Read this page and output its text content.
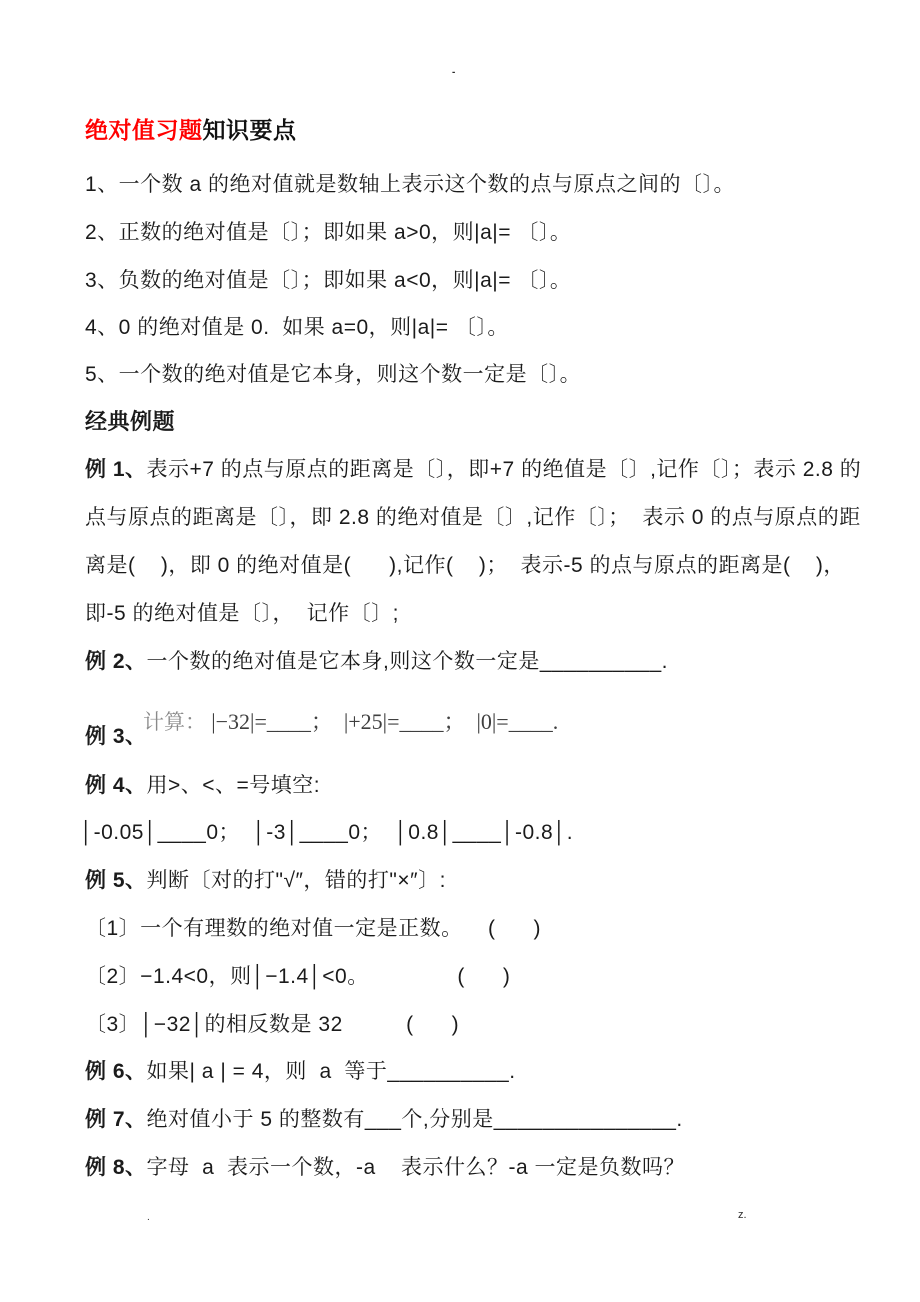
-

绝对值习题知识要点

1、一个数 a 的绝对值就是数轴上表示这个数的点与原点之间的〔〕。

2、正数的绝对值是〔〕；即如果 a>0，则|a|= 〔〕。

3、负数的绝对值是〔〕；即如果 a<0，则|a|= 〔〕。

4、0 的绝对值是 0.  如果 a=0，则|a|= 〔〕。

5、一个数的绝对值是它本身，则这个数一定是〔〕。

经典例题

例 1、表示+7 的点与原点的距离是〔〕，即+7 的绝值是〔〕,记作〔〕；表示 2.8 的

点与原点的距离是〔〕，即 2.8 的绝对值是〔〕,记作〔〕；  表示 0 的点与原点的距

离是(    )，即 0 的绝对值是(      ),记作(    )；  表示-5 的点与原点的距离是(    )，

即-5 的绝对值是〔〕，  记作〔〕;

例 2、一个数的绝对值是它本身,则这个数一定是__________.

计算： |−32|=____；  |+25|=____；  |0|=____.

例 3、

例 4、用>、<、=号填空:

│-0.05│____0；  │-3│____0；  │0.8│____│-0.8│.

例 5、判断〔对的打"√″，错的打"×″〕:

〔1〕一个有理数的绝对值一定是正数。    (      )

〔2〕−1.4<0，则│−1.4│<0。              (      )

〔3〕│−32│的相反数是 32          (      )

例 6、如果| a | = 4，则  a  等于__________.

例 7、绝对值小于 5 的整数有___个,分别是_______________.

例 8、字母  a  表示一个数，-a    表示什么？-a 一定是负数吗？

.	z.
